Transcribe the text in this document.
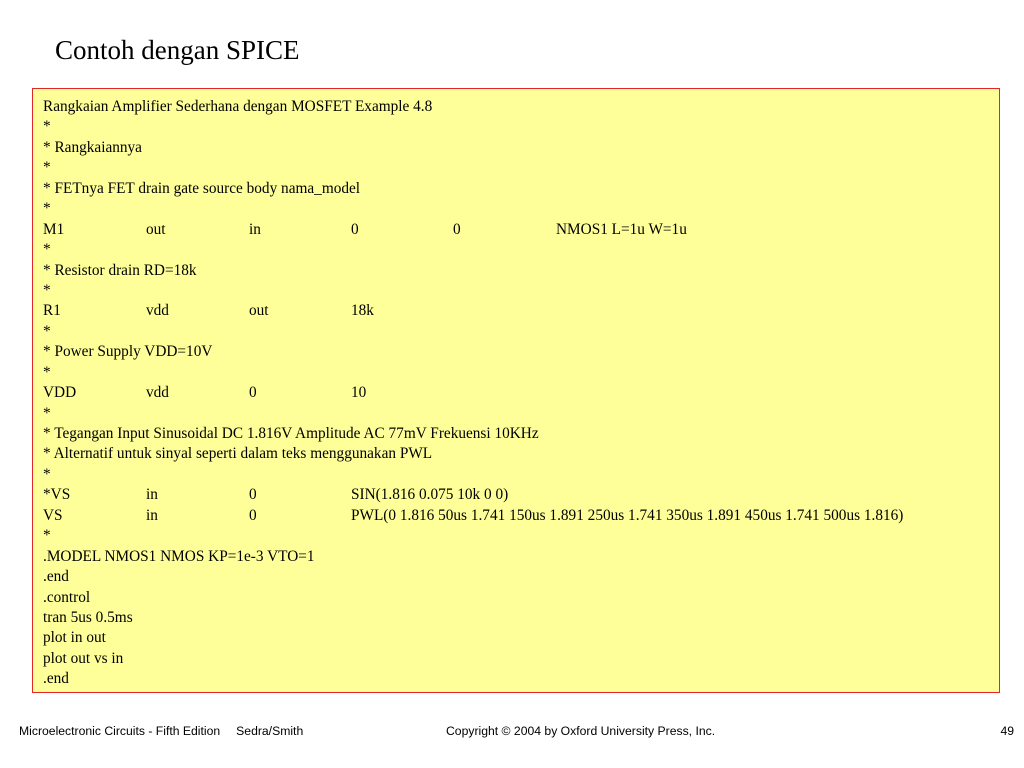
Contoh dengan SPICE
Rangkaian Amplifier Sederhana dengan MOSFET Example 4.8
*
* Rangkaiannya
*
* FETnya FET drain gate source body nama_model
*
M1	out	in	0	0	NMOS1 L=1u W=1u
*
* Resistor drain RD=18k
*
R1	vdd	out	18k
*
* Power Supply VDD=10V
*
VDD	vdd	0	10
*
* Tegangan Input Sinusoidal DC 1.816V Amplitude AC 77mV Frekuensi 10KHz
* Alternatif untuk sinyal seperti dalam teks menggunakan PWL
*
*VS	in	0	SIN(1.816 0.075 10k 0 0)
VS	in	0	PWL(0 1.816 50us 1.741 150us 1.891 250us 1.741 350us 1.891 450us 1.741 500us 1.816)
*
.MODEL NMOS1 NMOS KP=1e-3 VTO=1
.end
.control
tran 5us 0.5ms
plot in out
plot out vs in
.end
Microelectronic Circuits - Fifth Edition Sedra/Smith	Copyright © 2004 by Oxford University Press, Inc.	49
